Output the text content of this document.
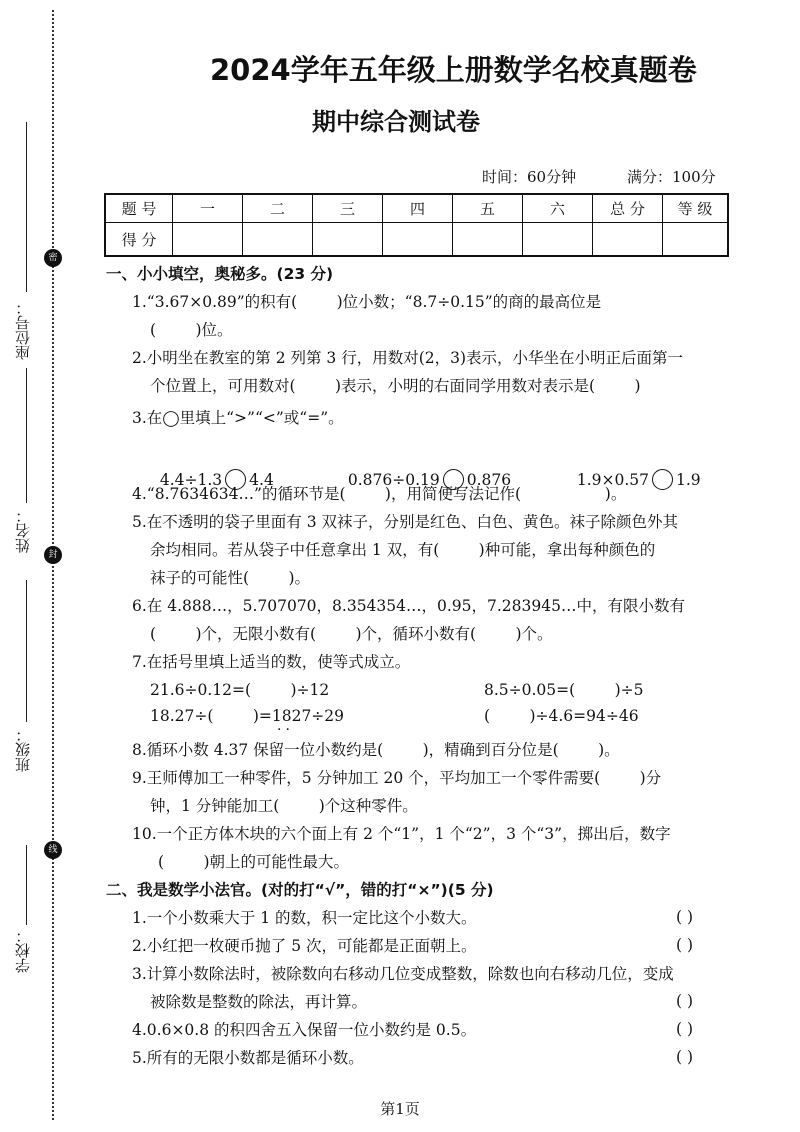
座位号：
密
姓名：
封
班级：
线
学校：
2024学年五年级上册数学名校真题卷
期中综合测试卷
时间：60分钟	满分：100分
题 号	一	二	三	四	五	六	总 分	等 级
得 分								
一、小小填空，奥秘多。(23 分)
1.“3.67×0.89”的积有(        )位小数；“8.7÷0.15”的商的最高位是
(        )位。
2.小明坐在教室的第 2 列第 3 行，用数对(2，3)表示，小华坐在小明正后面第一
个位置上，可用数对(        )表示，小明的右面同学用数对表示是(        )
3.在◯里填上“>”“<”或“=”。

4.4÷1.3 4.4	0.876÷0.19 0.876	1.9×0.57 1.9

4.“8.7634634…”的循环节是(        )，用简便写法记作(                 )。
5.在不透明的袋子里面有 3 双袜子，分别是红色、白色、黄色。袜子除颜色外其
余均相同。若从袋子中任意拿出 1 双，有(        )种可能，拿出每种颜色的
袜子的可能性(        )。
6.在 4.888…，5.707070，8.354354…，0.95，7.283945…中，有限小数有
(        )个，无限小数有(        )个，循环小数有(        )个。
7.在括号里填上适当的数，使等式成立。
21.6÷0.12=(        )÷12	8.5÷0.05=(        )÷5
18.27÷(        )=1827÷29	(        )÷4.6=94÷46
··
8.循环小数 4.37 保留一位小数约是(        )，精确到百分位是(        )。
9.王师傅加工一种零件，5 分钟加工 20 个，平均加工一个零件需要(        )分
钟，1 分钟能加工(        )个这种零件。
10.一个正方体木块的六个面上有 2 个“1”，1 个“2”，3 个“3”，掷出后，数字
(        )朝上的可能性最大。
二、我是数学小法官。(对的打“√”，错的打“×”)(5 分)
1.一个小数乘大于 1 的数，积一定比这个小数大。	( )
2.小红把一枚硬币抛了 5 次，可能都是正面朝上。	( )
3.计算小数除法时，被除数向右移动几位变成整数，除数也向右移动几位，变成
被除数是整数的除法，再计算。	( )
4.0.6×0.8 的积四舍五入保留一位小数约是 0.5。	( )
5.所有的无限小数都是循环小数。	( )
第1页
